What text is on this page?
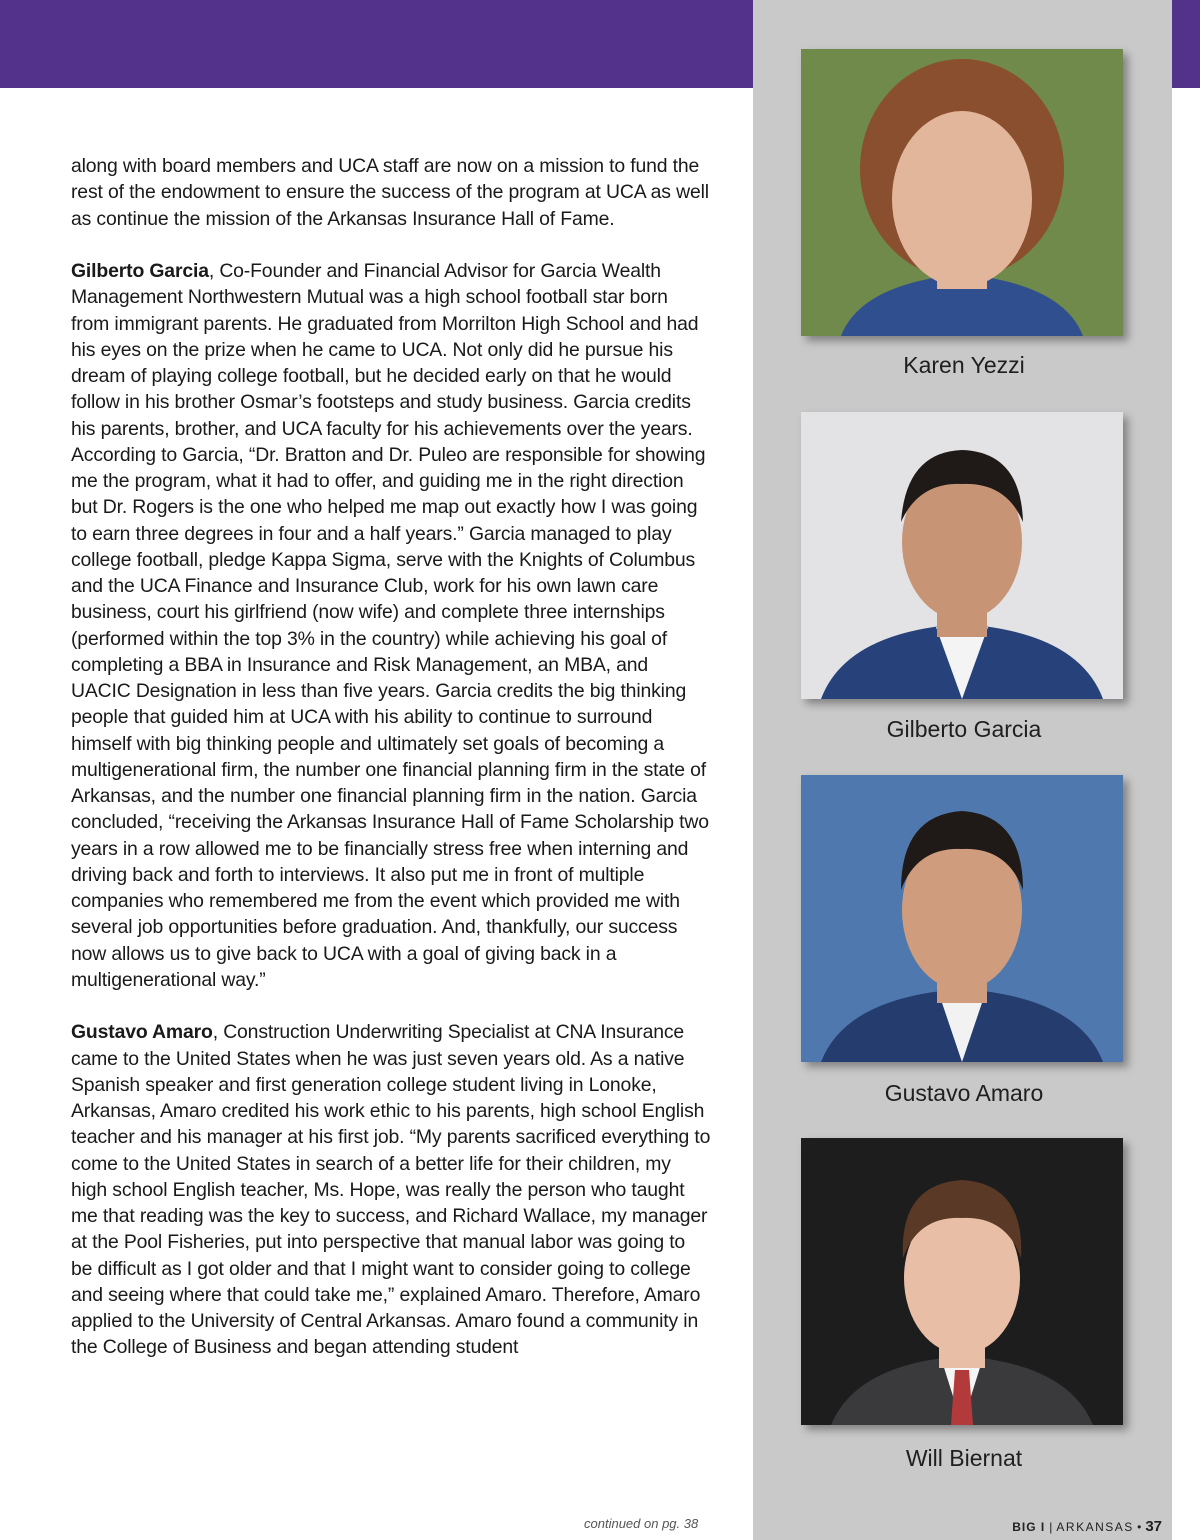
along with board members and UCA staff are now on a mission to fund the rest of the endowment to ensure the success of the program at UCA as well as continue the mission of the Arkansas Insurance Hall of Fame.

Gilberto Garcia, Co-Founder and Financial Advisor for Garcia Wealth Management Northwestern Mutual was a high school football star born from immigrant parents. He graduated from Morrilton High School and had his eyes on the prize when he came to UCA. Not only did he pursue his dream of playing college football, but he decided early on that he would follow in his brother Osmar’s footsteps and study business. Garcia credits his parents, brother, and UCA faculty for his achievements over the years. According to Garcia, “Dr. Bratton and Dr. Puleo are responsible for showing me the program, what it had to offer, and guiding me in the right direction but Dr. Rogers is the one who helped me map out exactly how I was going to earn three degrees in four and a half years.” Garcia managed to play college football, pledge Kappa Sigma, serve with the Knights of Columbus and the UCA Finance and Insurance Club, work for his own lawn care business, court his girlfriend (now wife) and complete three internships (performed within the top 3% in the country) while achieving his goal of completing a BBA in Insurance and Risk Management, an MBA, and UACIC Designation in less than five years. Garcia credits the big thinking people that guided him at UCA with his ability to continue to surround himself with big thinking people and ultimately set goals of becoming a multigenerational firm, the number one financial planning firm in the state of Arkansas, and the number one financial planning firm in the nation. Garcia concluded, “receiving the Arkansas Insurance Hall of Fame Scholarship two years in a row allowed me to be financially stress free when interning and driving back and forth to interviews. It also put me in front of multiple companies who remembered me from the event which provided me with several job opportunities before graduation. And, thankfully, our success now allows us to give back to UCA with a goal of giving back in a multigenerational way.”

Gustavo Amaro, Construction Underwriting Specialist at CNA Insurance came to the United States when he was just seven years old. As a native Spanish speaker and first generation college student living in Lonoke, Arkansas, Amaro credited his work ethic to his parents, high school English teacher and his manager at his first job. “My parents sacrificed everything to come to the United States in search of a better life for their children, my high school English teacher, Ms. Hope, was really the person who taught me that reading was the key to success, and Richard Wallace, my manager at the Pool Fisheries, put into perspective that manual labor was going to be difficult as I got older and that I might want to consider going to college and seeing where that could take me,” explained Amaro. Therefore, Amaro applied to the University of Central Arkansas. Amaro found a community in the College of Business and began attending student

Karen Yezzi
Gilberto Garcia
Gustavo Amaro
Will Biernat
continued on pg. 38	BIG I | ARKANSAS • 37
